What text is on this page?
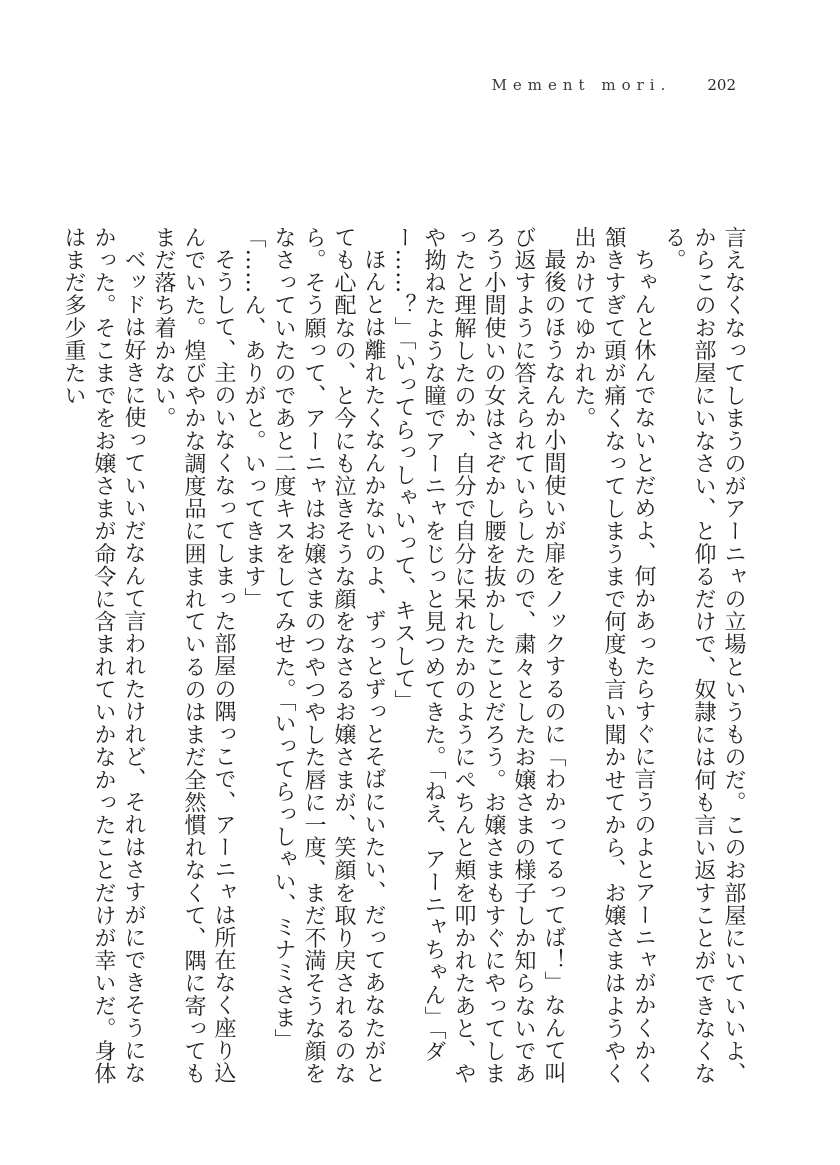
Mement mori. 202

言えなくなってしまうのがアーニャの立場というものだ。このお部屋にいていいよ、からこのお部屋にいなさい、と仰るだけで、奴隷には何も言い返すことができなくなる。

ちゃんと休んでないとだめよ、何かあったらすぐに言うのよとアーニャがかくかく頷きすぎて頭が痛くなってしまうまで何度も言い聞かせてから、お嬢さまはようやく出かけてゆかれた。

最後のほうなんか小間使いが扉をノックするのに「わかってるってば！」なんて叫び返すように答えられていらしたので、粛々としたお嬢さまの様子しか知らないであろう小間使いの女はさぞかし腰を抜かしたことだろう。お嬢さまもすぐにやってしまったと理解したのか、自分で自分に呆れたかのようにぺちんと頬を叩かれたあと、やや拗ねたような瞳でアーニャをじっと見つめてきた。「ねえ、アーニャちゃん」「ダー……？」「いってらっしゃいって、キスして」

ほんとは離れたくなんかないのよ、ずっとずっとそばにいたい、だってあなたがとても心配なの、と今にも泣きそうな顔をなさるお嬢さまが、笑顔を取り戻されるのなら。そう願って、アーニャはお嬢さまのつやつやした唇に一度、まだ不満そうな顔をなさっていたのであと二度キスをしてみせた。「いってらっしゃい、ミナミさま」「……ん、ありがと。いってきます」

そうして、主のいなくなってしまった部屋の隅っこで、アーニャは所在なく座り込んでいた。煌びやかな調度品に囲まれているのはまだ全然慣れなくて、隅に寄ってもまだ落ち着かない。

ベッドは好きに使っていいだなんて言われたけれど、それはさすがにできそうになかった。そこまでをお嬢さまが命令に含まれていかなかったことだけが幸いだ。身体はまだ多少重たい
